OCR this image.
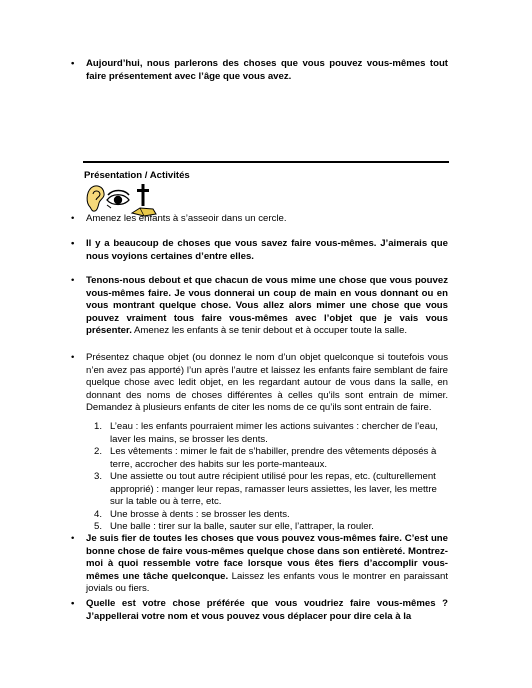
• Aujourd’hui, nous parlerons des choses que vous pouvez vous-mêmes tout faire présentement avec l’âge que vous avez.
Présentation / Activités
• Amenez les enfants à s’asseoir dans un cercle.
• Il y a beaucoup de choses que vous savez faire vous-mêmes. J’aimerais que nous voyions certaines d’entre elles.
• Tenons-nous debout et que chacun de vous mime une chose que vous pouvez vous-mêmes faire. Je vous donnerai un coup de main en vous donnant ou en vous montrant quelque chose. Vous allez alors mimer une chose que vous pouvez vraiment tous faire vous-mêmes avec l’objet que je vais vous présenter. Amenez les enfants à se tenir debout et à occuper toute la salle.
• Présentez chaque objet (ou donnez le nom d’un objet quelconque si toutefois vous n’en avez pas apporté) l’un après l’autre et laissez les enfants faire semblant de faire quelque chose avec ledit objet, en les regardant autour de vous dans la salle, en donnant des noms de choses différentes à celles qu’ils sont entrain de mimer. Demandez à plusieurs enfants de citer les noms de ce qu’ils sont entrain de faire.
1. L’eau : les enfants pourraient mimer les actions suivantes : chercher de l’eau, laver les mains, se brosser les dents.
2. Les vêtements : mimer le fait de s’habiller, prendre des vêtements déposés à terre, accrocher des habits sur les porte-manteaux.
3. Une assiette ou tout autre récipient utilisé pour les repas, etc. (culturellement approprié) : manger leur repas, ramasser leurs assiettes, les laver, les mettre sur la table ou à terre, etc.
4. Une brosse à dents : se brosser les dents.
5. Une balle : tirer sur la balle, sauter sur elle, l’attraper, la rouler.
• Je suis fier de toutes les choses que vous pouvez vous-mêmes faire. C’est une bonne chose de faire vous-mêmes quelque chose dans son entièreté. Montrez-moi à quoi ressemble votre face lorsque vous êtes fiers d’accomplir vous-mêmes une tâche quelconque. Laissez les enfants vous le montrer en paraissant jovials ou fiers.
• Quelle est votre chose préférée que vous voudriez faire vous-mêmes ? J’appellerai votre nom et vous pouvez vous déplacer pour dire cela à la
